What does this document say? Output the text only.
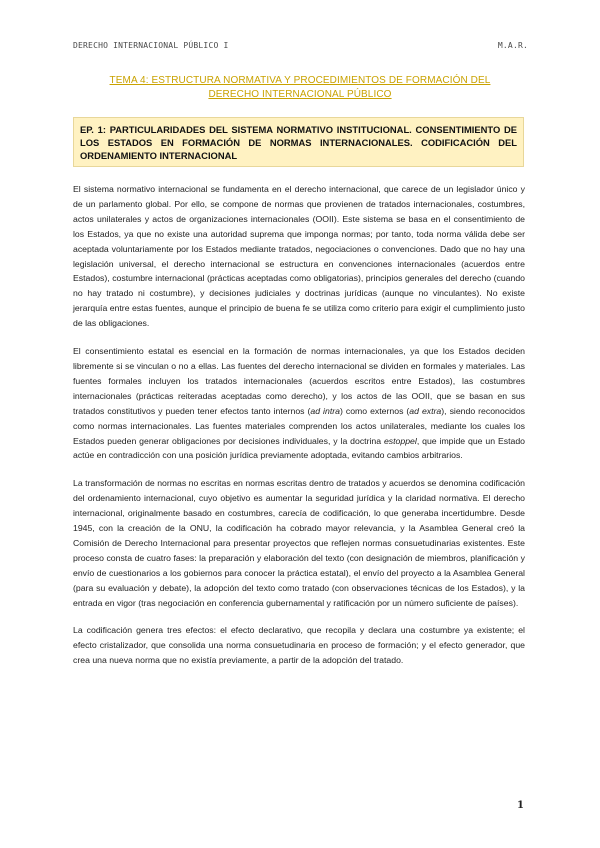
DERECHO INTERNACIONAL PÚBLICO I	M.A.R.
TEMA 4: ESTRUCTURA NORMATIVA Y PROCEDIMIENTOS DE FORMACIÓN DEL DERECHO INTERNACIONAL PÚBLICO
EP. 1: PARTICULARIDADES DEL SISTEMA NORMATIVO INSTITUCIONAL. CONSENTIMIENTO DE LOS ESTADOS EN FORMACIÓN DE NORMAS INTERNACIONALES. CODIFICACIÓN DEL ORDENAMIENTO INTERNACIONAL

El sistema normativo internacional se fundamenta en el derecho internacional, que carece de un legislador único y de un parlamento global. Por ello, se compone de normas que provienen de tratados internacionales, costumbres, actos unilaterales y actos de organizaciones internacionales (OOII). Este sistema se basa en el consentimiento de los Estados, ya que no existe una autoridad suprema que imponga normas; por tanto, toda norma válida debe ser aceptada voluntariamente por los Estados mediante tratados, negociaciones o convenciones. Dado que no hay una legislación universal, el derecho internacional se estructura en convenciones internacionales (acuerdos entre Estados), costumbre internacional (prácticas aceptadas como obligatorias), principios generales del derecho (cuando no hay tratado ni costumbre), y decisiones judiciales y doctrinas jurídicas (aunque no vinculantes). No existe jerarquía entre estas fuentes, aunque el principio de buena fe se utiliza como criterio para exigir el cumplimiento justo de las obligaciones.

El consentimiento estatal es esencial en la formación de normas internacionales, ya que los Estados deciden libremente si se vinculan o no a ellas. Las fuentes del derecho internacional se dividen en formales y materiales. Las fuentes formales incluyen los tratados internacionales (acuerdos escritos entre Estados), las costumbres internacionales (prácticas reiteradas aceptadas como derecho), y los actos de las OOII, que se basan en sus tratados constitutivos y pueden tener efectos tanto internos (ad intra) como externos (ad extra), siendo reconocidos como normas internacionales. Las fuentes materiales comprenden los actos unilaterales, mediante los cuales los Estados pueden generar obligaciones por decisiones individuales, y la doctrina estoppel, que impide que un Estado actúe en contradicción con una posición jurídica previamente adoptada, evitando cambios arbitrarios.

La transformación de normas no escritas en normas escritas dentro de tratados y acuerdos se denomina codificación del ordenamiento internacional, cuyo objetivo es aumentar la seguridad jurídica y la claridad normativa. El derecho internacional, originalmente basado en costumbres, carecía de codificación, lo que generaba incertidumbre. Desde 1945, con la creación de la ONU, la codificación ha cobrado mayor relevancia, y la Asamblea General creó la Comisión de Derecho Internacional para presentar proyectos que reflejen normas consuetudinarias existentes. Este proceso consta de cuatro fases: la preparación y elaboración del texto (con designación de miembros, planificación y envío de cuestionarios a los gobiernos para conocer la práctica estatal), el envío del proyecto a la Asamblea General (para su evaluación y debate), la adopción del texto como tratado (con observaciones técnicas de los Estados), y la entrada en vigor (tras negociación en conferencia gubernamental y ratificación por un número suficiente de países).

La codificación genera tres efectos: el efecto declarativo, que recopila y declara una costumbre ya existente; el efecto cristalizador, que consolida una norma consuetudinaria en proceso de formación; y el efecto generador, que crea una nueva norma que no existía previamente, a partir de la adopción del tratado.

1
